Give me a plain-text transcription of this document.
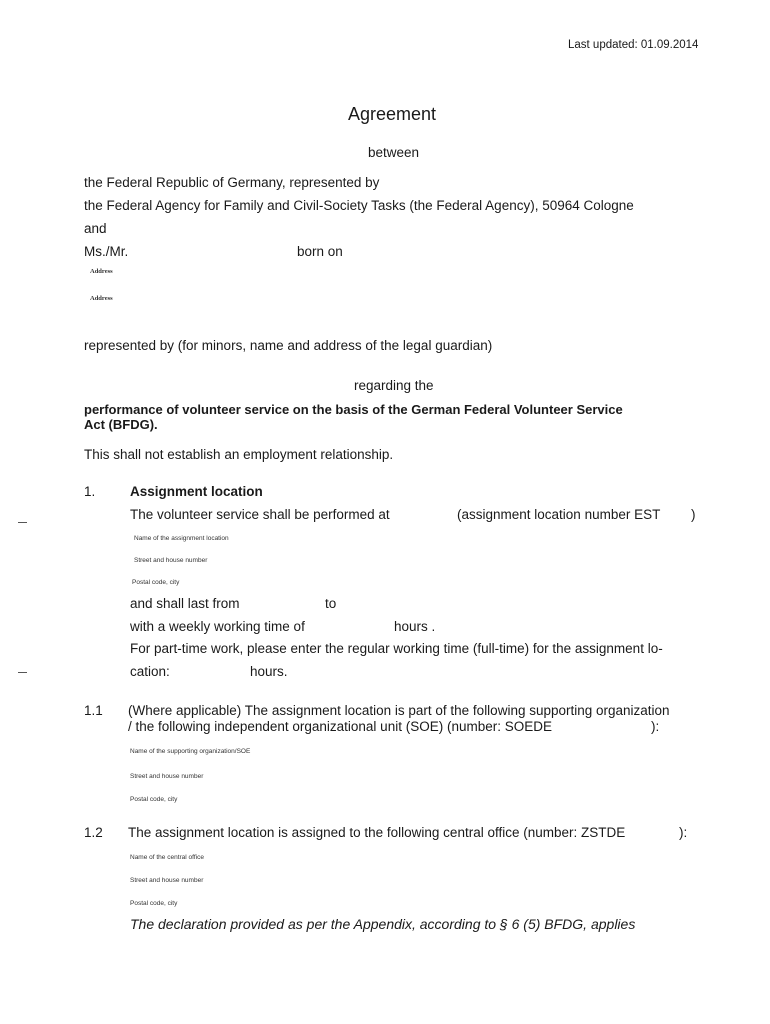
Last updated: 01.09.2014
Agreement
between
the Federal Republic of Germany, represented by
the Federal Agency for Family and Civil-Society Tasks (the Federal Agency), 50964 Cologne
and
Ms./Mr.	born on
Address
Address
represented by (for minors, name and address of the legal guardian)
regarding the
performance of volunteer service on the basis of the German Federal Volunteer Service
Act (BFDG).
This shall not establish an employment relationship.
1.	Assignment location
The volunteer service shall be performed at	(assignment location number EST )
Name of the assignment location
Street and house number
Postal code, city
and shall last from	to
with a weekly working time of	hours .
For part-time work, please enter the regular working time (full-time) for the assignment lo-
cation:	hours.
1.1 (Where applicable) The assignment location is part of the following supporting organization
/ the following independent organizational unit (SOE) (number: SOEDE	):
Name of the supporting organization/SOE
Street and house number
Postal code, city
1.2 The assignment location is assigned to the following central office (number: ZSTDE	):
Name of the central office
Street and house number
Postal code, city
The declaration provided as per the Appendix, according to § 6 (5) BFDG, applies
